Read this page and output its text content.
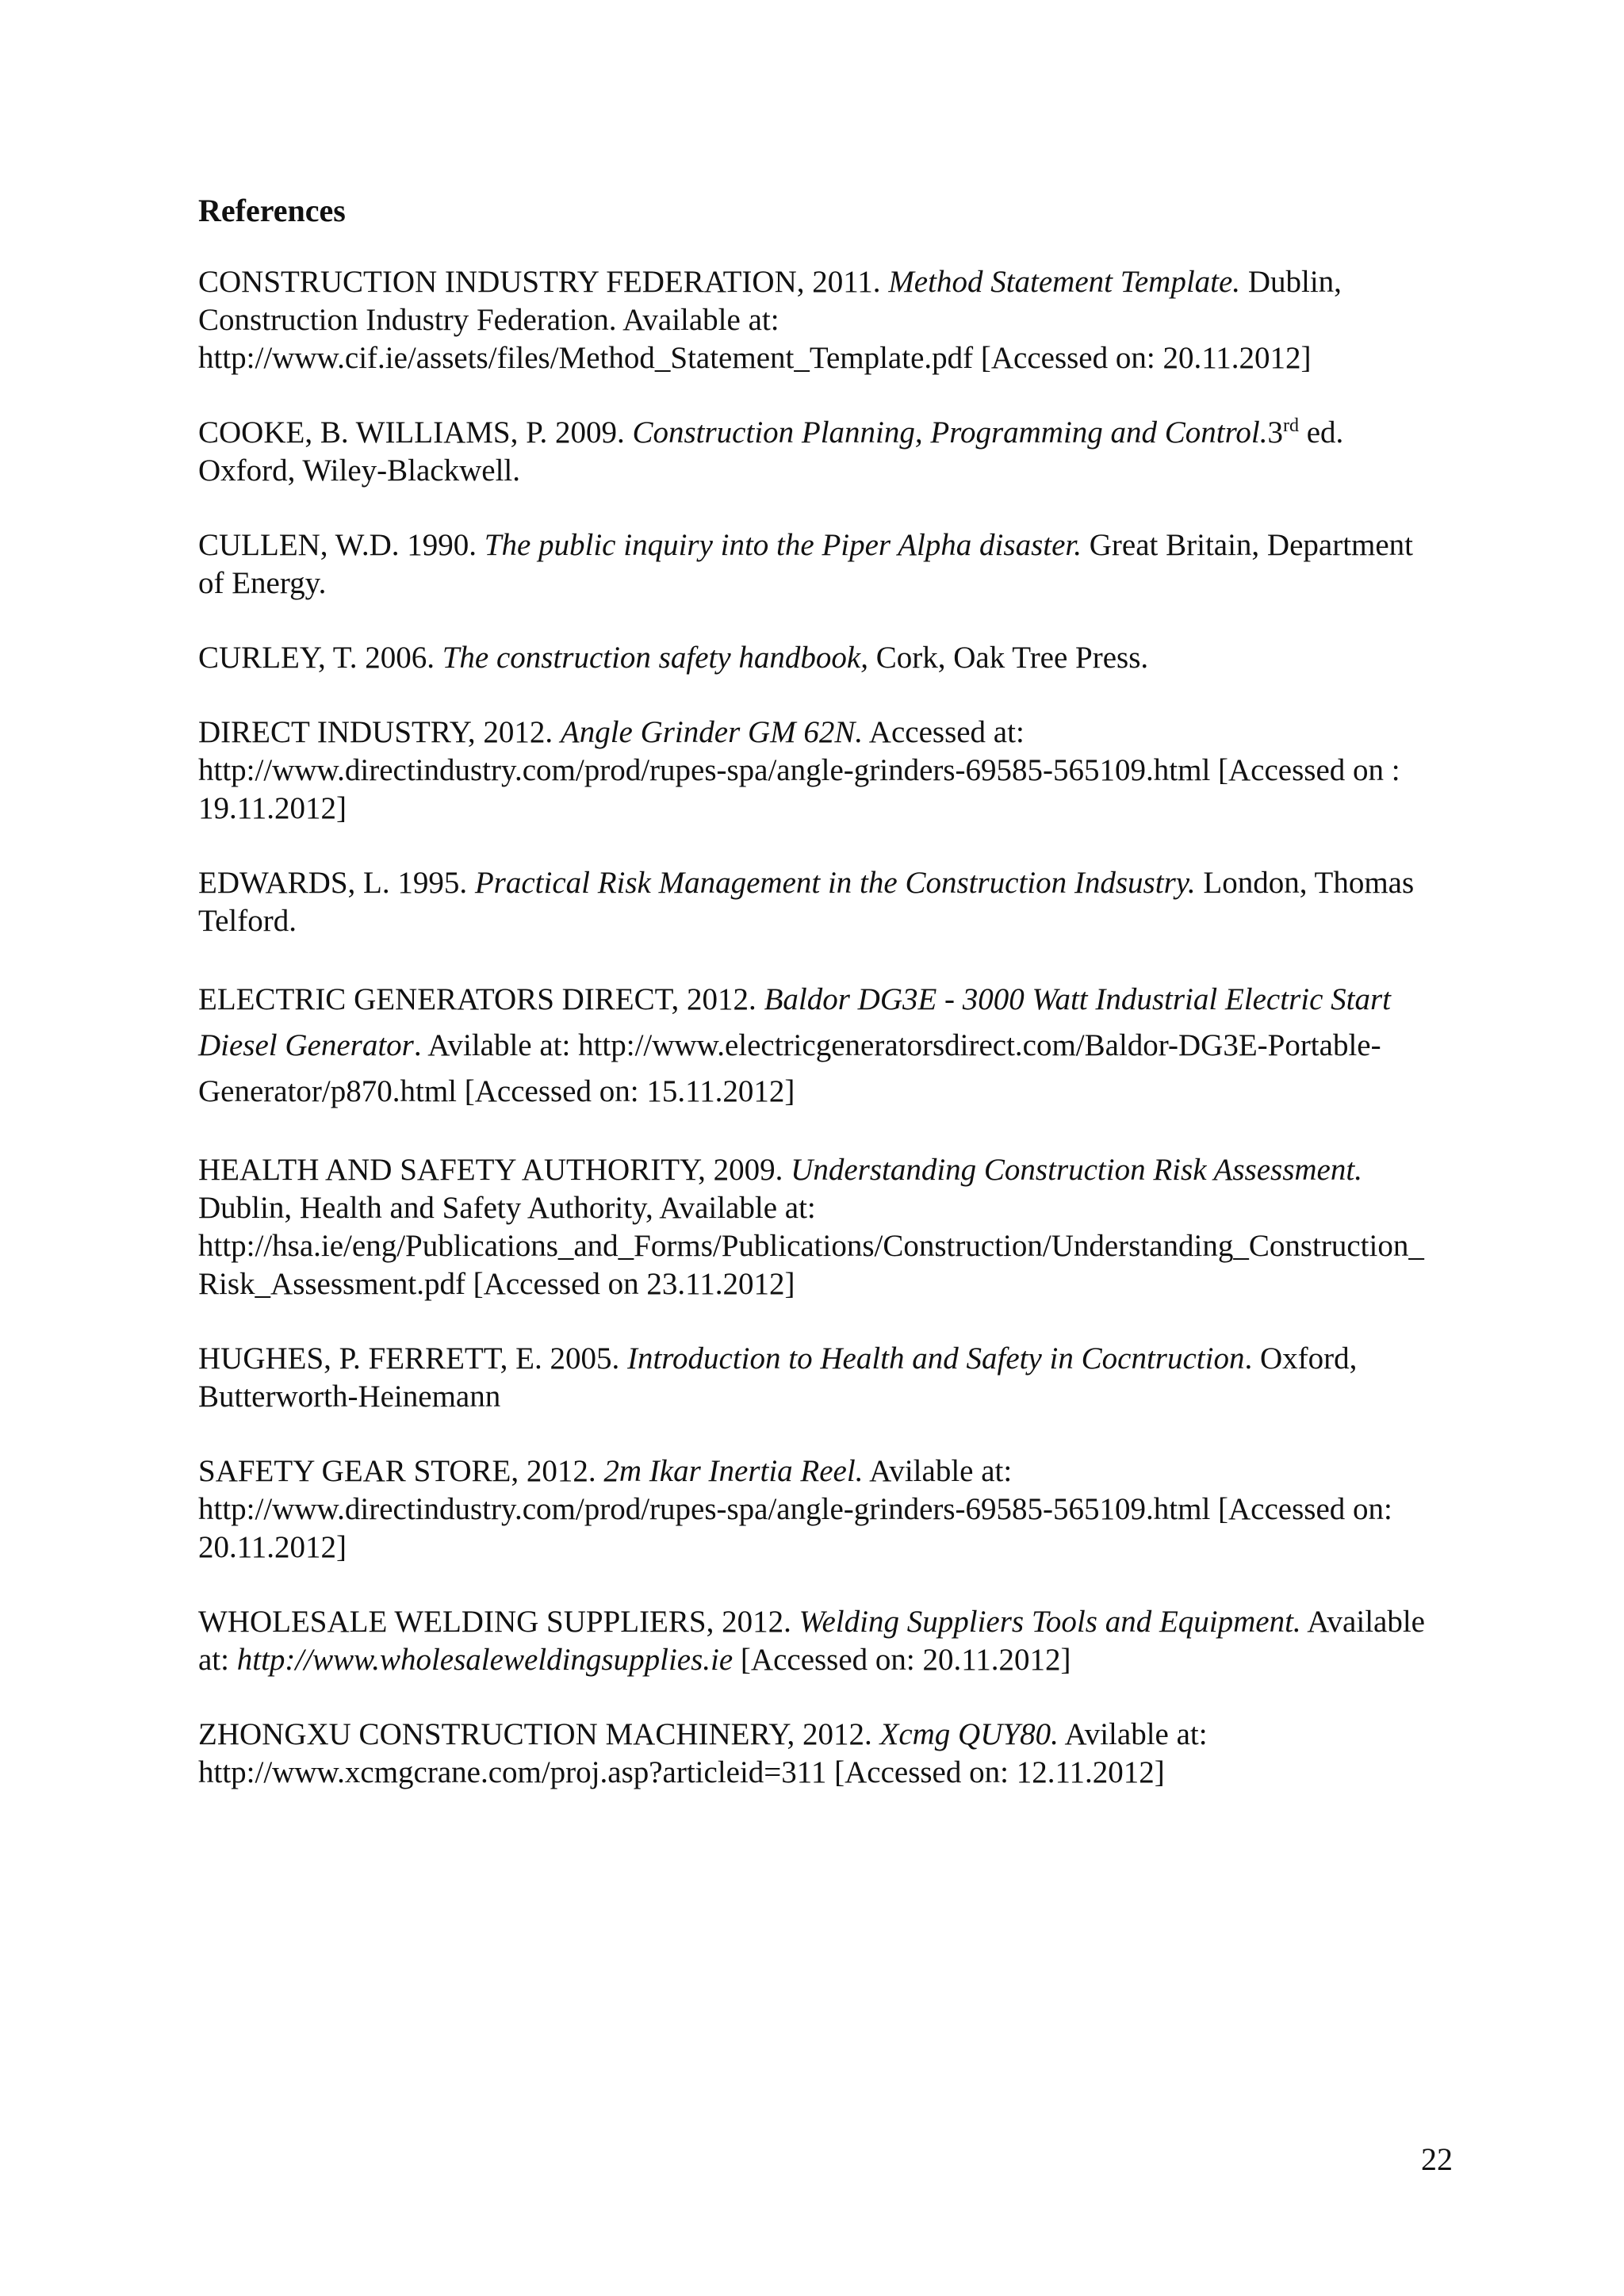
References
CONSTRUCTION INDUSTRY FEDERATION, 2011. Method Statement Template. Dublin, Construction Industry Federation. Available at: http://www.cif.ie/assets/files/Method_Statement_Template.pdf [Accessed on: 20.11.2012]
COOKE, B. WILLIAMS, P. 2009. Construction Planning, Programming and Control.3rd ed. Oxford, Wiley-Blackwell.
CULLEN, W.D. 1990. The public inquiry into the Piper Alpha disaster. Great Britain, Department of Energy.
CURLEY, T. 2006. The construction safety handbook, Cork, Oak Tree Press.
DIRECT INDUSTRY, 2012. Angle Grinder GM 62N. Accessed at: http://www.directindustry.com/prod/rupes-spa/angle-grinders-69585-565109.html [Accessed on : 19.11.2012]
EDWARDS, L. 1995. Practical Risk Management in the Construction Indsustry. London, Thomas Telford.
ELECTRIC GENERATORS DIRECT, 2012. Baldor DG3E - 3000 Watt Industrial Electric Start Diesel Generator. Avilable at: http://www.electricgeneratorsdirect.com/Baldor-DG3E-Portable-Generator/p870.html [Accessed on: 15.11.2012]
HEALTH AND SAFETY AUTHORITY, 2009. Understanding Construction Risk Assessment. Dublin, Health and Safety Authority, Available at: http://hsa.ie/eng/Publications_and_Forms/Publications/Construction/Understanding_Construction_Risk_Assessment.pdf [Accessed on 23.11.2012]
HUGHES, P. FERRETT, E. 2005. Introduction to Health and Safety in Cocntruction. Oxford, Butterworth-Heinemann
SAFETY GEAR STORE, 2012. 2m Ikar Inertia Reel. Avilable at: http://www.directindustry.com/prod/rupes-spa/angle-grinders-69585-565109.html [Accessed on: 20.11.2012]
WHOLESALE WELDING SUPPLIERS, 2012. Welding Suppliers Tools and Equipment. Available at: http://www.wholesaleweldingsupplies.ie [Accessed on: 20.11.2012]
ZHONGXU CONSTRUCTION MACHINERY, 2012. Xcmg QUY80. Avilable at: http://www.xcmgcrane.com/proj.asp?articleid=311 [Accessed on: 12.11.2012]
22
